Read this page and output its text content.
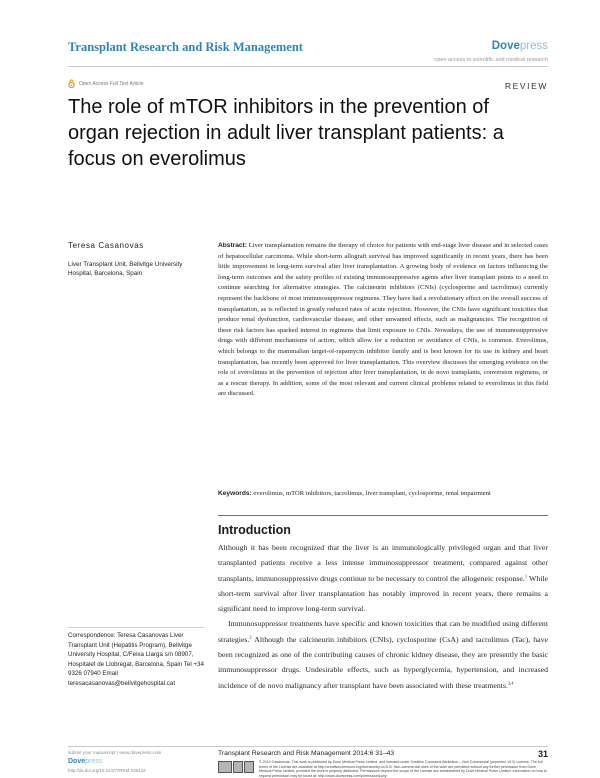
Transplant Research and Risk Management	Dovepress
open access to scientific and medical research
Open Access Full Text Article	REVIEW
The role of mTOR inhibitors in the prevention of organ rejection in adult liver transplant patients: a focus on everolimus
Teresa Casanovas
Liver Transplant Unit, Bellvitge University Hospital, Barcelona, Spain
Abstract: Liver transplantation remains the therapy of choice for patients with end-stage liver disease and in selected cases of hepatocellular carcinoma. While short-term allograft survival has improved significantly in recent years, there has been little improvement in long-term survival after liver transplantation. A growing body of evidence on factors influencing the long-term outcomes and the safety profiles of existing immunosuppressive agents after liver transplant points to a need to continue searching for alternative strategies. The calcineurin inhibitors (CNIs) (cyclosporine and tacrolimus) currently represent the backbone of most immunosuppressor regimens. They have had a revolutionary effect on the overall success of transplantation, as is reflected in greatly reduced rates of acute rejection. However, the CNIs have significant toxicities that produce renal dysfunction, cardiovascular disease, and other unwanted effects, such as malignancies. The recognition of these risk factors has sparked interest in regimens that limit exposure to CNIs. Nowadays, the use of immunosuppressive drugs with different mechanisms of action, which allow for a reduction or avoidance of CNIs, is common. Everolimus, which belongs to the mammalian target-of-rapamycin inhibitor family and is best known for its use in kidney and heart transplantation, has recently been approved for liver transplantation. This overview discusses the emerging evidence on the role of everolimus in the prevention of rejection after liver transplantation, in de novo transplants, conversion regimens, or as a rescue therapy. In addition, some of the most relevant and current clinical problems related to everolimus in this field are discussed.
Keywords: everolimus, mTOR inhibitors, tacrolimus, liver transplant, cyclosporine, renal impairment
Introduction

Although it has been recognized that the liver is an immunologically privileged organ and that liver transplanted patients receive a less intense immunosuppressor treatment, compared against other transplants, immunosuppressive drugs continue to be necessary to control the allogeneic response.$^1$ While short-term survival after liver transplantation has notably improved in recent years, there remains a significant need to improve long-term survival.

Immunosuppressor treatments have specific and known toxicities that can be modified using different strategies.$^2$ Although the calcineurin inhibitors (CNIs), cyclosporine (CsA) and tacrolimus (Tac), have been recognized as one of the contributing causes of chronic kidney disease, they are presently the basic immunosuppressor drugs. Undesirable effects, such as hyperglycemia, hypertension, and increased incidence of de novo malignancy after transplant have been associated with these treatments.$^{3,4}$

Correspondence: Teresa Casanovas Liver Transplant Unit (Hepatitis Program), Bellvitge University Hospital, C/Feixa Llarga s/n 08907, Hospitalet de Llobregat, Barcelona, Spain Tel +34 9326 07940 Email teresacasanovas@bellvitgehospital.cat
submit your manuscript | www.dovepress.com
Dovepress
http://dx.doi.org/10.2147/TRRM.S46132
Transplant Research and Risk Management 2014:6 31–43	31
© 2014 Casanovas. This work is published by Dove Medical Press Limited, and licensed under Creative Commons Attribution – Non Commercial (unported, v3.0) License. The full terms of the License are available at http://creativecommons.org/licenses/by-nc/3.0/. Non-commercial uses of the work are permitted without any further permission from Dove Medical Press Limited, provided the work is properly attributed. Permissions beyond the scope of the License are administered by Dove Medical Press Limited. Information on how to request permission may be found at: http://www.dovepress.com/permissions.php
